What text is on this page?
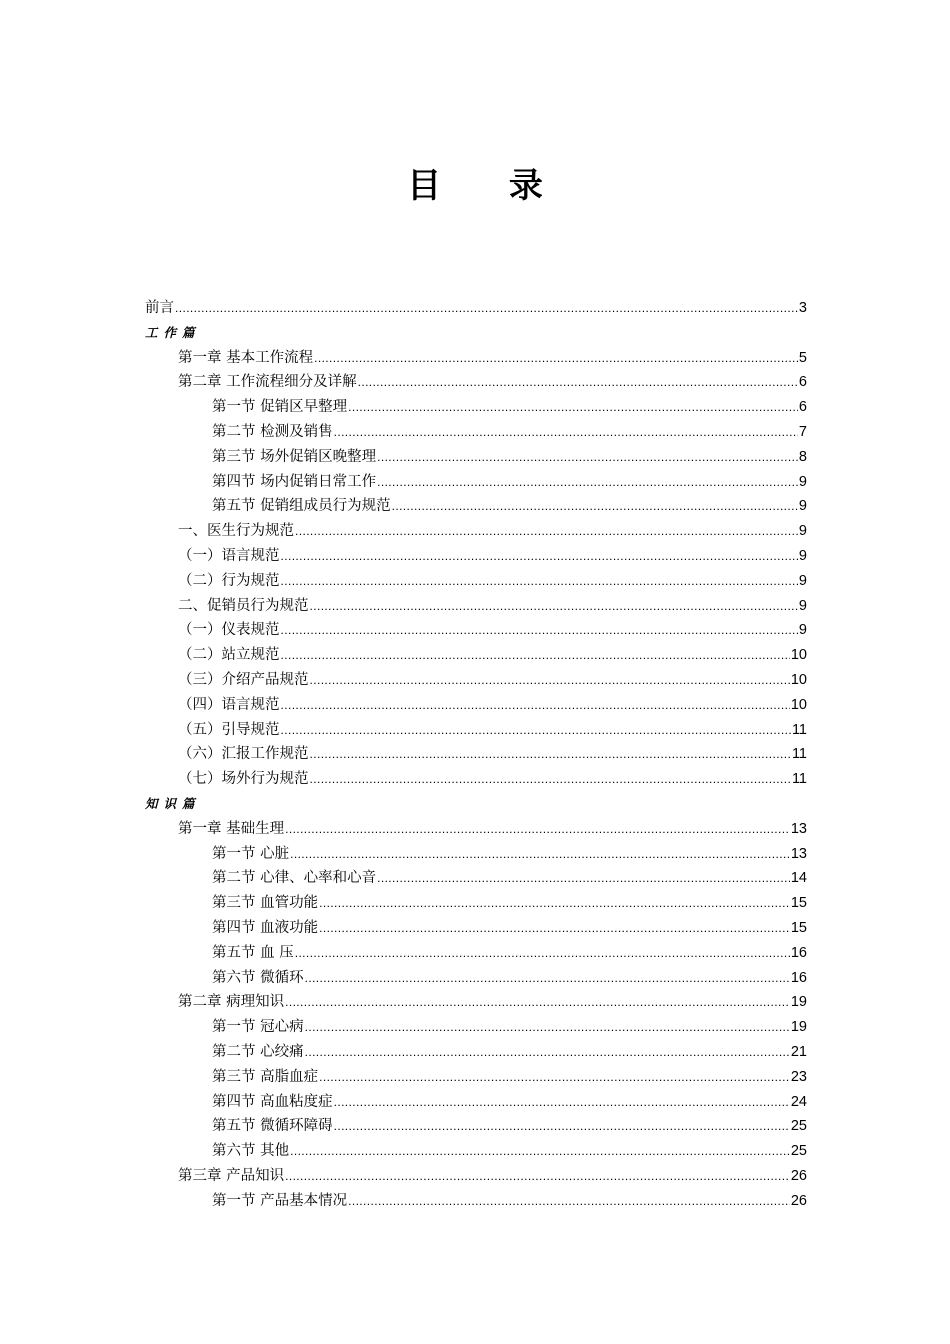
目 录
前言 .....	3
工作篇
第一章 基本工作流程 .....	5
第二章 工作流程细分及详解 .....	6
第一节 促销区早整理 .....	6
第二节 检测及销售 .....	7
第三节 场外促销区晚整理 .....	8
第四节 场内促销日常工作 .....	9
第五节 促销组成员行为规范 .....	9
一、医生行为规范 .....	9
（一）语言规范 .....	9
（二）行为规范 .....	9
二、促销员行为规范 .....	9
（一）仪表规范 .....	9
（二）站立规范 .....	10
（三）介绍产品规范 .....	10
（四）语言规范 .....	10
（五）引导规范 .....	11
（六）汇报工作规范 .....	11
（七）场外行为规范 .....	11
知识篇
第一章 基础生理 .....	13
第一节 心脏 .....	13
第二节 心律、心率和心音 .....	14
第三节 血管功能 .....	15
第四节 血液功能 .....	15
第五节 血 压 .....	16
第六节 微循环 .....	16
第二章 病理知识 .....	19
第一节 冠心病 .....	19
第二节 心绞痛 .....	21
第三节 高脂血症 .....	23
第四节 高血粘度症 .....	24
第五节 微循环障碍 .....	25
第六节 其他 .....	25
第三章 产品知识 .....	26
第一节 产品基本情况 .....	26
